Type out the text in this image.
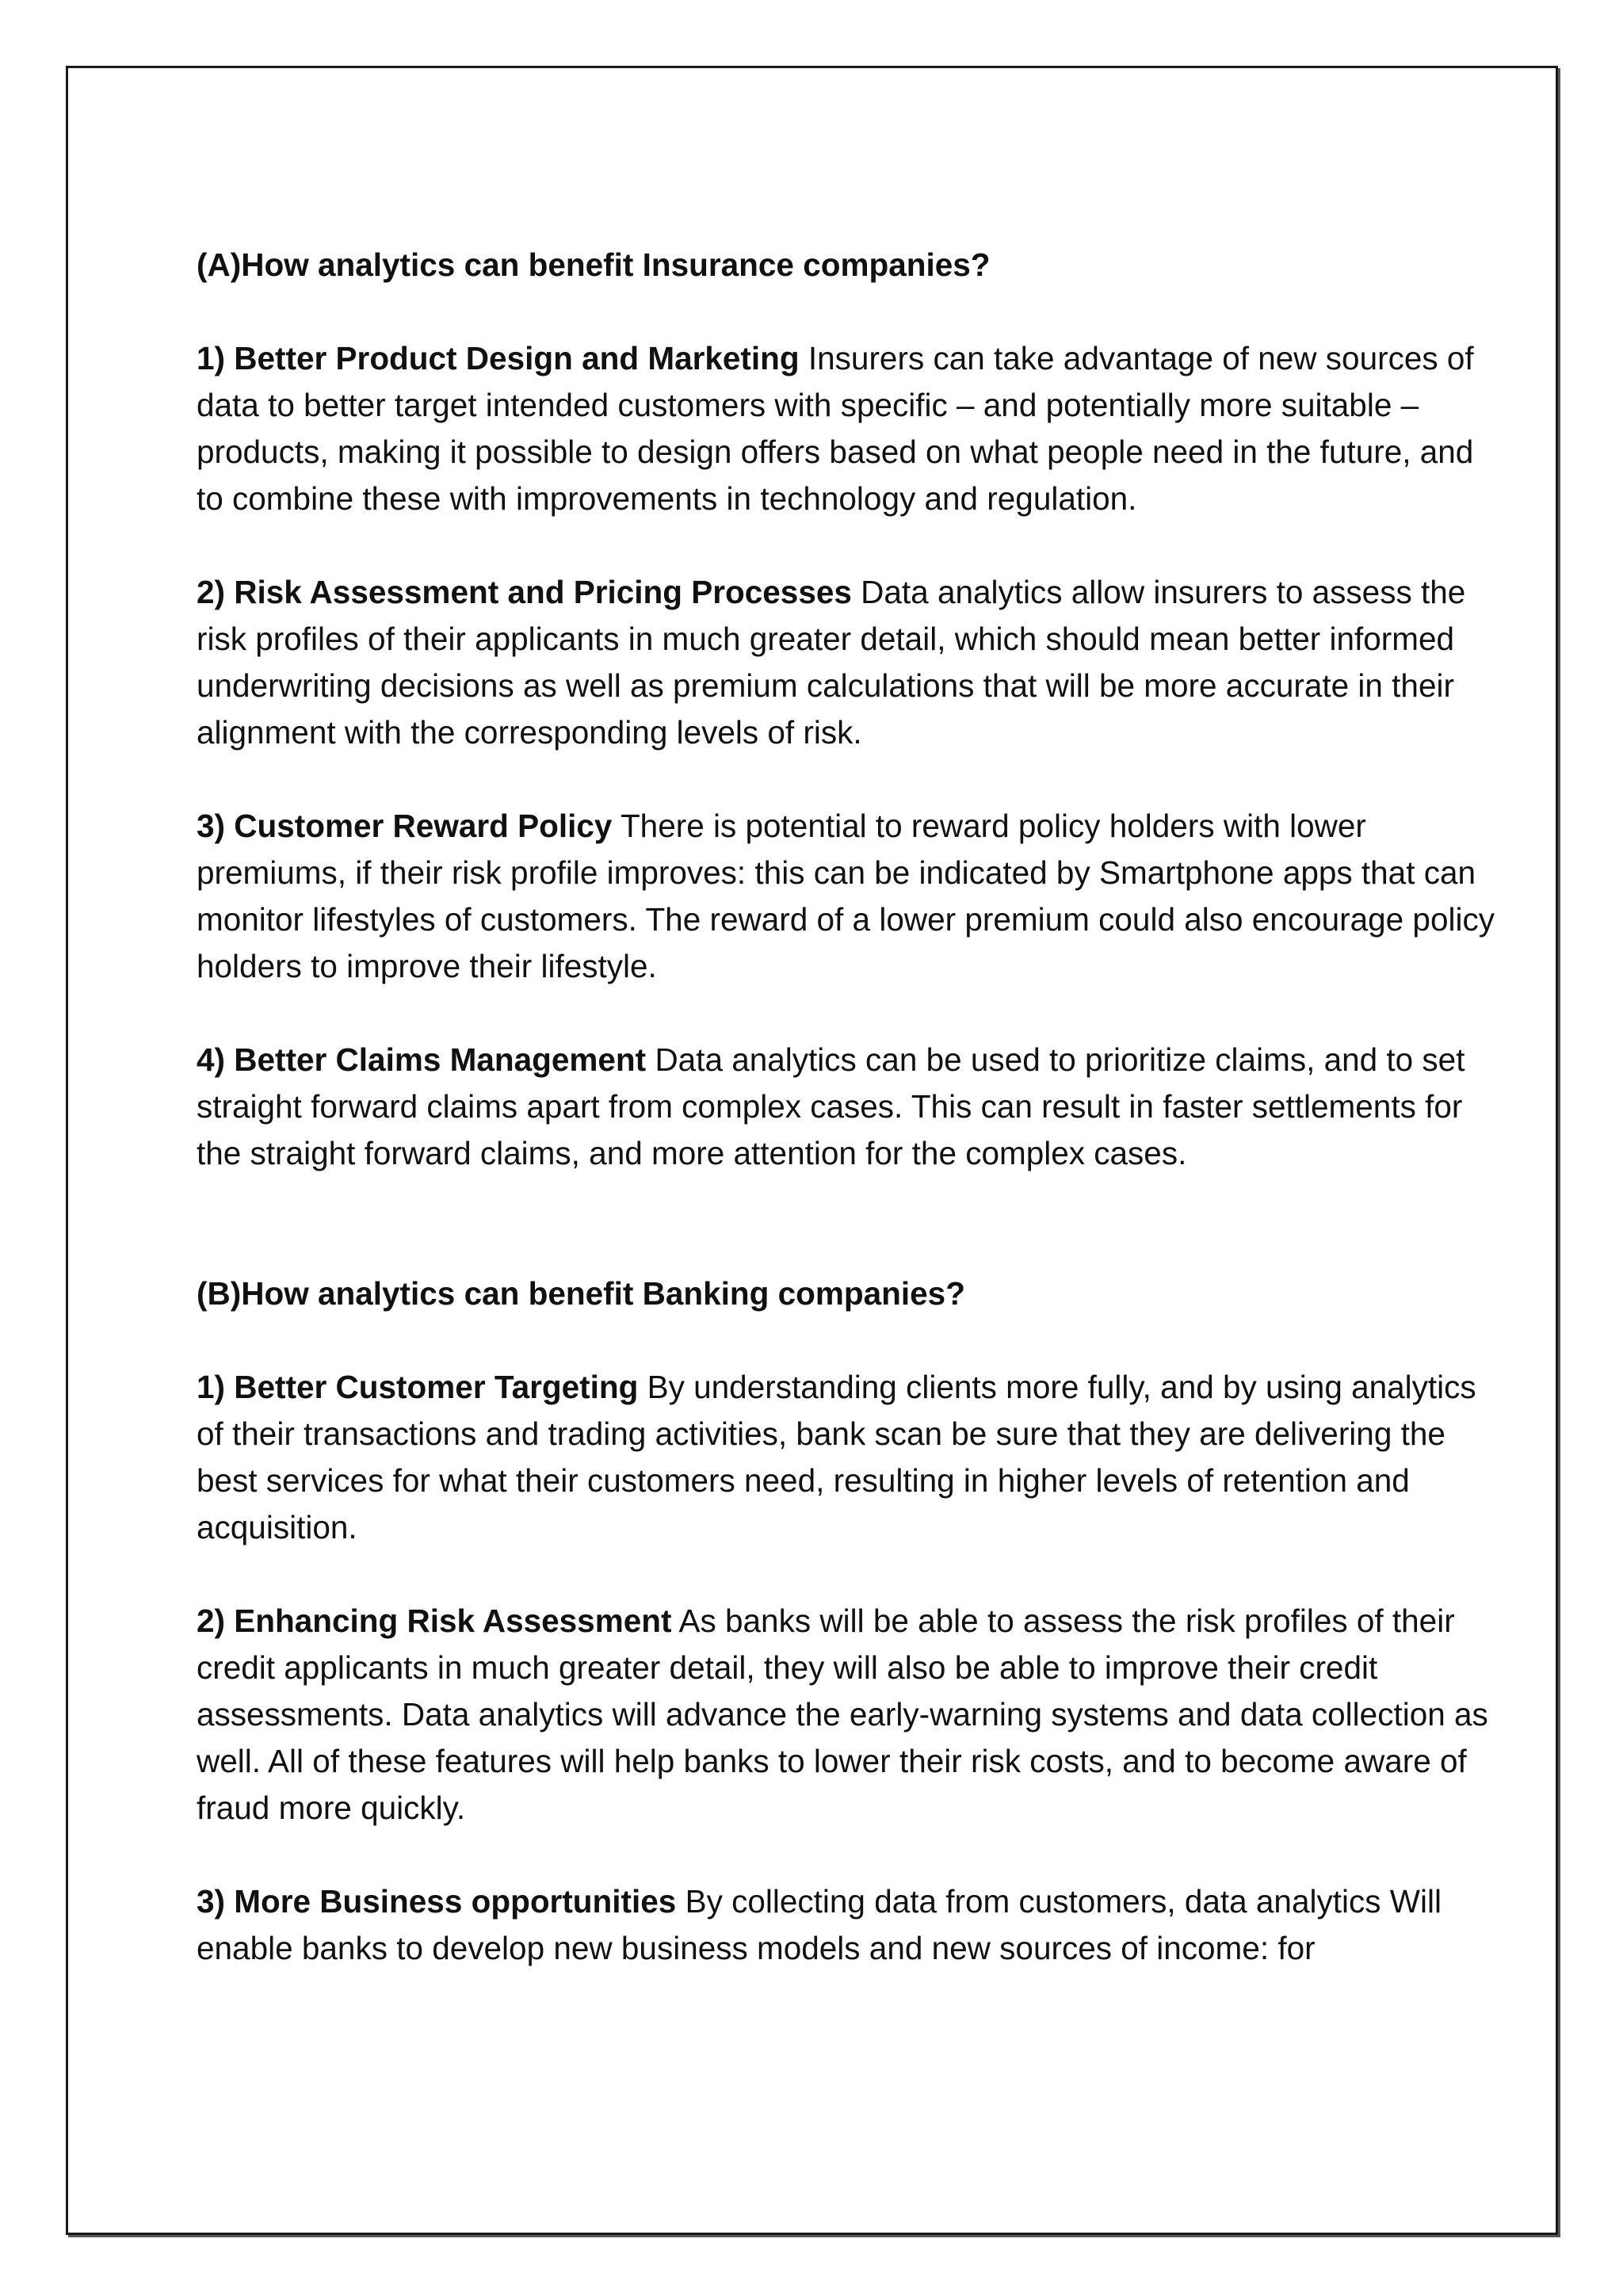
(A)How analytics can benefit Insurance companies?

1) Better Product Design and Marketing Insurers can take advantage of new sources of data to better target intended customers with specific – and potentially more suitable – products, making it possible to design offers based on what people need in the future, and to combine these with improvements in technology and regulation.

2) Risk Assessment and Pricing Processes Data analytics allow insurers to assess the risk profiles of their applicants in much greater detail, which should mean better informed underwriting decisions as well as premium calculations that will be more accurate in their alignment with the corresponding levels of risk.

3) Customer Reward Policy There is potential to reward policy holders with lower premiums, if their risk profile improves: this can be indicated by Smartphone apps that can monitor lifestyles of customers. The reward of a lower premium could also encourage policy holders to improve their lifestyle.

4) Better Claims Management Data analytics can be used to prioritize claims, and to set straight forward claims apart from complex cases. This can result in faster settlements for the straight forward claims, and more attention for the complex cases.

(B)How analytics can benefit Banking companies?

1) Better Customer Targeting By understanding clients more fully, and by using analytics of their transactions and trading activities, bank scan be sure that they are delivering the best services for what their customers need, resulting in higher levels of retention and acquisition.

2) Enhancing Risk Assessment As banks will be able to assess the risk profiles of their credit applicants in much greater detail, they will also be able to improve their credit assessments. Data analytics will advance the early-warning systems and data collection as well. All of these features will help banks to lower their risk costs, and to become aware of fraud more quickly.

3) More Business opportunities By collecting data from customers, data analytics Will enable banks to develop new business models and new sources of income: for
